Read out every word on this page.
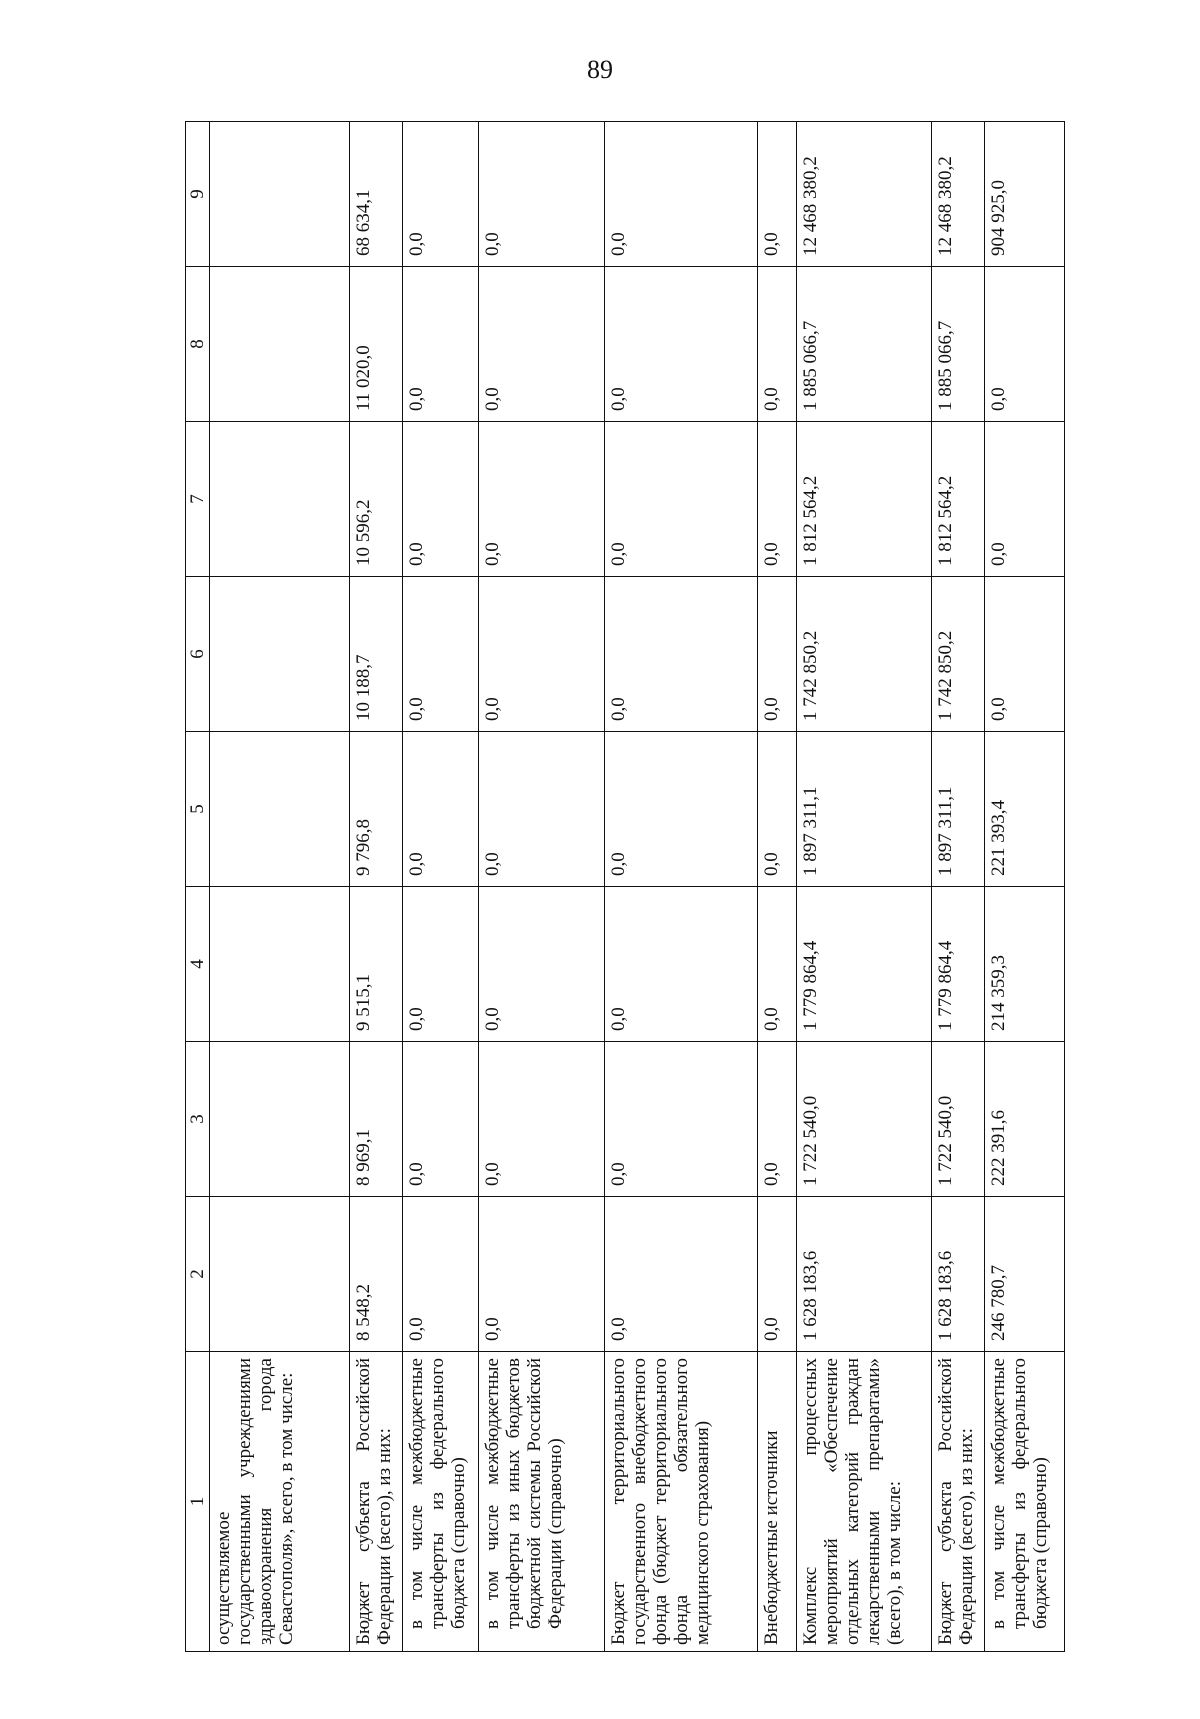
89
1	2	3	4	5	6	7	8	9
осуществляемое государственными учреждениями здравоохранения города Севастополя», всего, в том числе:								
Бюджет субъекта Российской Федерации (всего), из них:	8 548,2	8 969,1	9 515,1	9 796,8	10 188,7	10 596,2	11 020,0	68 634,1
в том числе межбюджетные трансферты из федерального бюджета (справочно)	0,0	0,0	0,0	0,0	0,0	0,0	0,0	0,0
в том числе межбюджетные трансферты из иных бюджетов бюджетной системы Российской Федерации (справочно)	0,0	0,0	0,0	0,0	0,0	0,0	0,0	0,0
Бюджет территориального государственного внебюджетного фонда (бюджет территориального фонда обязательного медицинского страхования)	0,0	0,0	0,0	0,0	0,0	0,0	0,0	0,0
Внебюджетные источники	0,0	0,0	0,0	0,0	0,0	0,0	0,0	0,0
Комплекс процессных мероприятий «Обеспечение отдельных категорий граждан лекарственными препаратами» (всего), в том числе:	1 628 183,6	1 722 540,0	1 779 864,4	1 897 311,1	1 742 850,2	1 812 564,2	1 885 066,7	12 468 380,2
Бюджет субъекта Российской Федерации (всего), из них:	1 628 183,6	1 722 540,0	1 779 864,4	1 897 311,1	1 742 850,2	1 812 564,2	1 885 066,7	12 468 380,2
в том числе межбюджетные трансферты из федерального бюджета (справочно)	246 780,7	222 391,6	214 359,3	221 393,4	0,0	0,0	0,0	904 925,0
